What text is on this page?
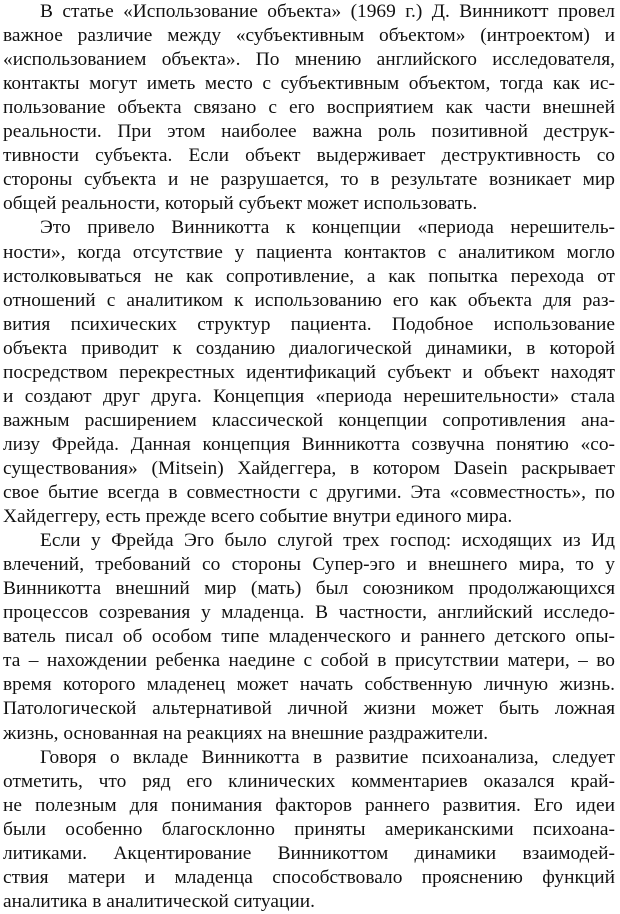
В статье «Использование объекта» (1969 г.) Д. Винникотт провел
важное различие между «субъективным объектом» (интроектом) и
«использованием объекта». По мнению английского исследователя,
контакты могут иметь место с субъективным объектом, тогда как ис-
пользование объекта связано с его восприятием как части внешней
реальности. При этом наиболее важна роль позитивной деструк-
тивности субъекта. Если объект выдерживает деструктивность со
стороны субъекта и не разрушается, то в результате возникает мир
общей реальности, который субъект может использовать.
Это привело Винникотта к концепции «периода нерешитель-
ности», когда отсутствие у пациента контактов с аналитиком могло
истолковываться не как сопротивление, а как попытка перехода от
отношений с аналитиком к использованию его как объекта для раз-
вития психических структур пациента. Подобное использование
объекта приводит к созданию диалогической динамики, в которой
посредством перекрестных идентификаций субъект и объект находят
и создают друг друга. Концепция «периода нерешительности» стала
важным расширением классической концепции сопротивления ана-
лизу Фрейда. Данная концепция Винникотта созвучна понятию «со-
существования» (Mitsein) Хайдеггера, в котором Dasein раскрывает
свое бытие всегда в совместности с другими. Эта «совместность», по
Хайдеггеру, есть прежде всего событие внутри единого мира.
Если у Фрейда Эго было слугой трех господ: исходящих из Ид
влечений, требований со стороны Супер-эго и внешнего мира, то у
Винникотта внешний мир (мать) был союзником продолжающихся
процессов созревания у младенца. В частности, английский исследо-
ватель писал об особом типе младенческого и раннего детского опы-
та – нахождении ребенка наедине с собой в присутствии матери, – во
время которого младенец может начать собственную личную жизнь.
Патологической альтернативой личной жизни может быть ложная
жизнь, основанная на реакциях на внешние раздражители.
Говоря о вкладе Винникотта в развитие психоанализа, следует
отметить, что ряд его клинических комментариев оказался край-
не полезным для понимания факторов раннего развития. Его идеи
были особенно благосклонно приняты американскими психоана-
литиками. Акцентирование Винникоттом динамики взаимодей-
ствия матери и младенца способствовало прояснению функций
аналитика в аналитической ситуации.
